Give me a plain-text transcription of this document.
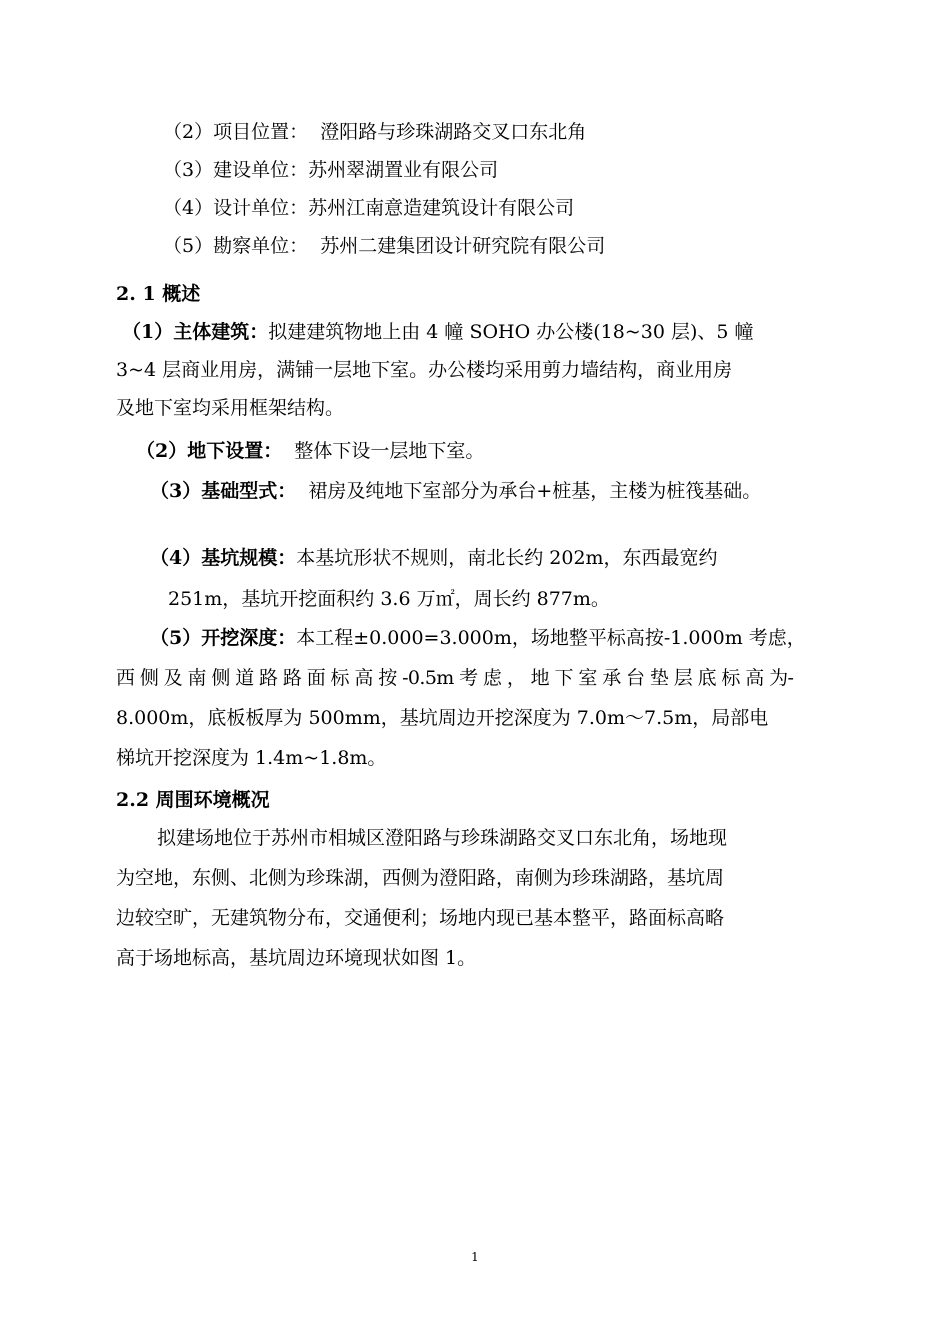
（2）项目位置：  澄阳路与珍珠湖路交叉口东北角
（3）建设单位：苏州翠湖置业有限公司
（4）设计单位：苏州江南意造建筑设计有限公司
（5）勘察单位：  苏州二建集团设计研究院有限公司
2. 1 概述
（1）主体建筑：拟建建筑物地上由 4 幢 SOHO 办公楼(18~30 层)、5 幢
3~4 层商业用房，满铺一层地下室。办公楼均采用剪力墙结构，商业用房
及地下室均采用框架结构。
（2）地下设置：  整体下设一层地下室。
（3）基础型式：  裙房及纯地下室部分为承台+桩基，主楼为桩筏基础。
（4）基坑规模：本基坑形状不规则，南北长约 202m，东西最宽约
251m，基坑开挖面积约 3.6 万㎡，周长约 877m。
（5）开挖深度：本工程±0.000=3.000m，场地整平标高按-1.000m 考虑，
西 侧 及 南 侧 道 路 路 面 标 高 按 -0.5m 考 虑 ， 地 下 室 承 台 垫 层 底 标 高 为-
8.000m，底板板厚为 500mm，基坑周边开挖深度为 7.0m～7.5m，局部电
梯坑开挖深度为 1.4m~1.8m。
2.2 周围环境概况
拟建场地位于苏州市相城区澄阳路与珍珠湖路交叉口东北角，场地现
为空地，东侧、北侧为珍珠湖，西侧为澄阳路，南侧为珍珠湖路，基坑周
边较空旷，无建筑物分布，交通便利；场地内现已基本整平，路面标高略
高于场地标高，基坑周边环境现状如图 1。
1
